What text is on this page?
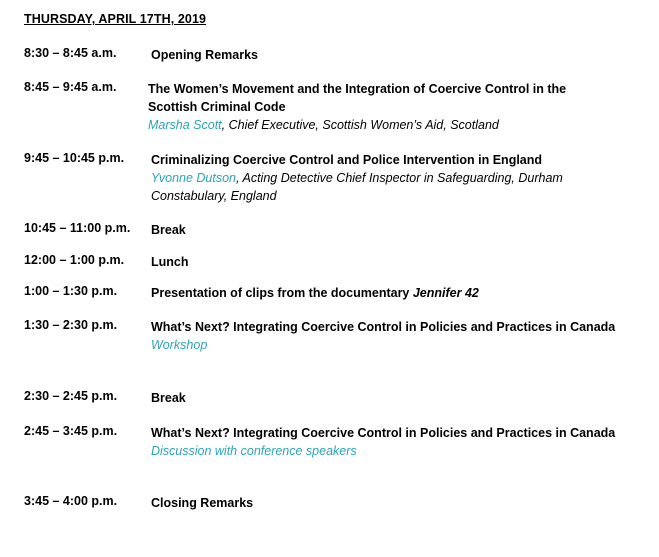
THURSDAY, APRIL 17TH, 2019
8:30 – 8:45 a.m.	Opening Remarks
8:45 – 9:45 a.m.	The Women’s Movement and the Integration of Coercive Control in the Scottish Criminal Code
Marsha Scott, Chief Executive, Scottish Women’s Aid, Scotland
9:45 – 10:45 p.m. Criminalizing Coercive Control and Police Intervention in England
Yvonne Dutson, Acting Detective Chief Inspector in Safeguarding, Durham Constabulary, England
10:45 – 11:00 p.m. Break
12:00 – 1:00 p.m. Lunch
1:00 – 1:30 p.m.	Presentation of clips from the documentary Jennifer 42
1:30 – 2:30 p.m.	What’s Next? Integrating Coercive Control in Policies and Practices in Canada
Workshop
2:30 – 2:45 p.m.	Break
2:45 – 3:45 p.m.	What’s Next? Integrating Coercive Control in Policies and Practices in Canada
Discussion with conference speakers
3:45 – 4:00 p.m.	Closing Remarks
